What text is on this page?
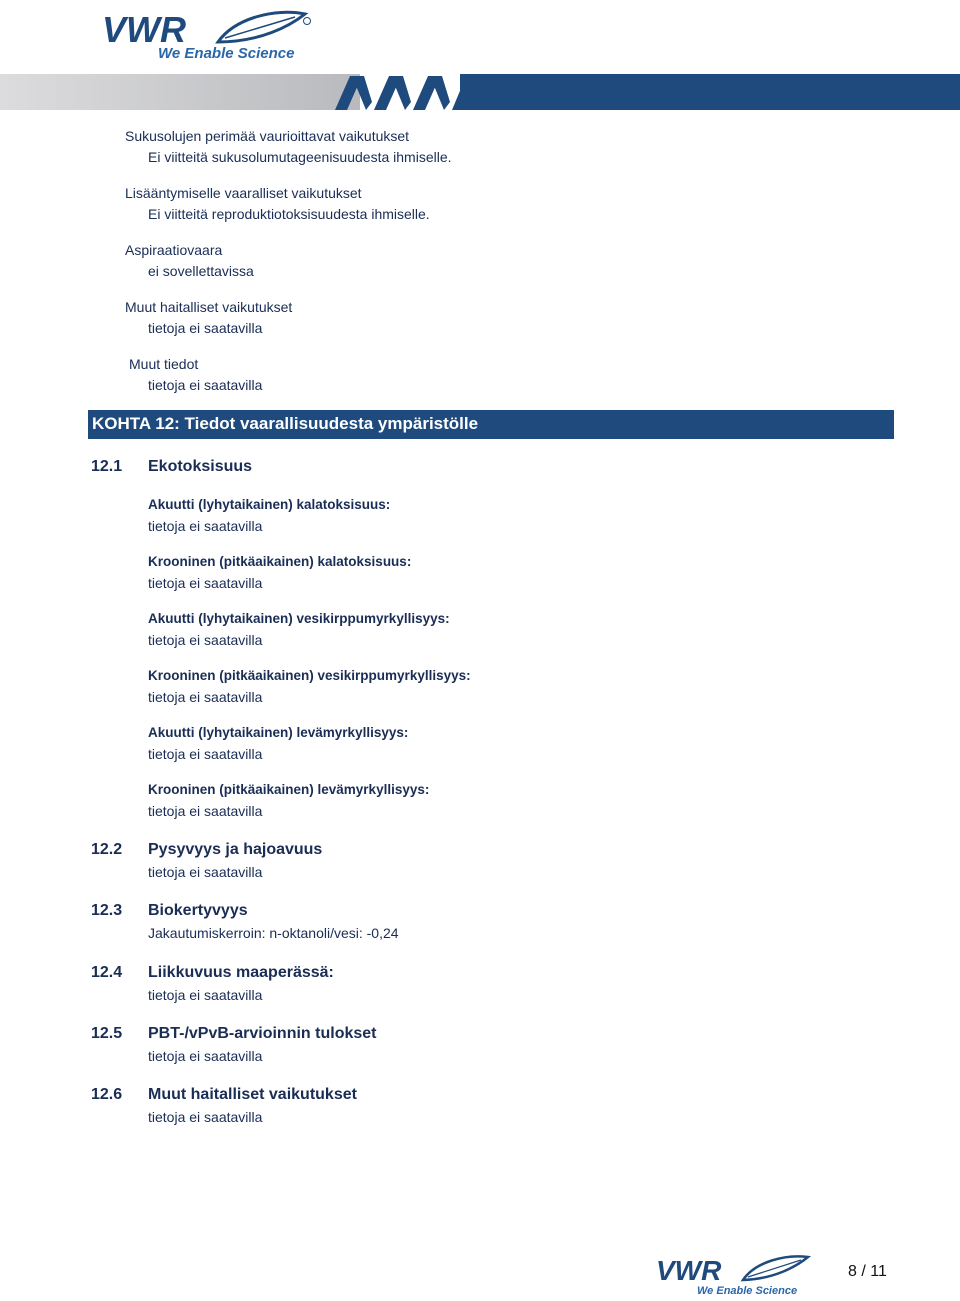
VWR
We Enable Science
Sukusolujen perimää vaurioittavat vaikutukset
Ei viitteitä sukusolumutageenisuudesta ihmiselle.
Lisääntymiselle vaaralliset vaikutukset
Ei viitteitä reproduktiotoksisuudesta ihmiselle.
Aspiraatiovaara
ei sovellettavissa
Muut haitalliset vaikutukset
tietoja ei saatavilla
Muut tiedot
tietoja ei saatavilla
KOHTA 12: Tiedot vaarallisuudesta ympäristölle
12.1 Ekotoksisuus
Akuutti (lyhytaikainen) kalatoksisuus:
tietoja ei saatavilla
Krooninen (pitkäaikainen) kalatoksisuus:
tietoja ei saatavilla
Akuutti (lyhytaikainen) vesikirppumyrkyllisyys:
tietoja ei saatavilla
Krooninen (pitkäaikainen) vesikirppumyrkyllisyys:
tietoja ei saatavilla
Akuutti (lyhytaikainen) levämyrkyllisyys:
tietoja ei saatavilla
Krooninen (pitkäaikainen) levämyrkyllisyys:
tietoja ei saatavilla
12.2 Pysyvyys ja hajoavuus
tietoja ei saatavilla
12.3 Biokertyvyys
Jakautumiskerroin: n-oktanoli/vesi: -0,24
12.4 Liikkuvuus maaperässä:
tietoja ei saatavilla
12.5 PBT-/vPvB-arvioinnin tulokset
tietoja ei saatavilla
12.6 Muut haitalliset vaikutukset
tietoja ei saatavilla
VWR
We Enable Science
8 / 11
